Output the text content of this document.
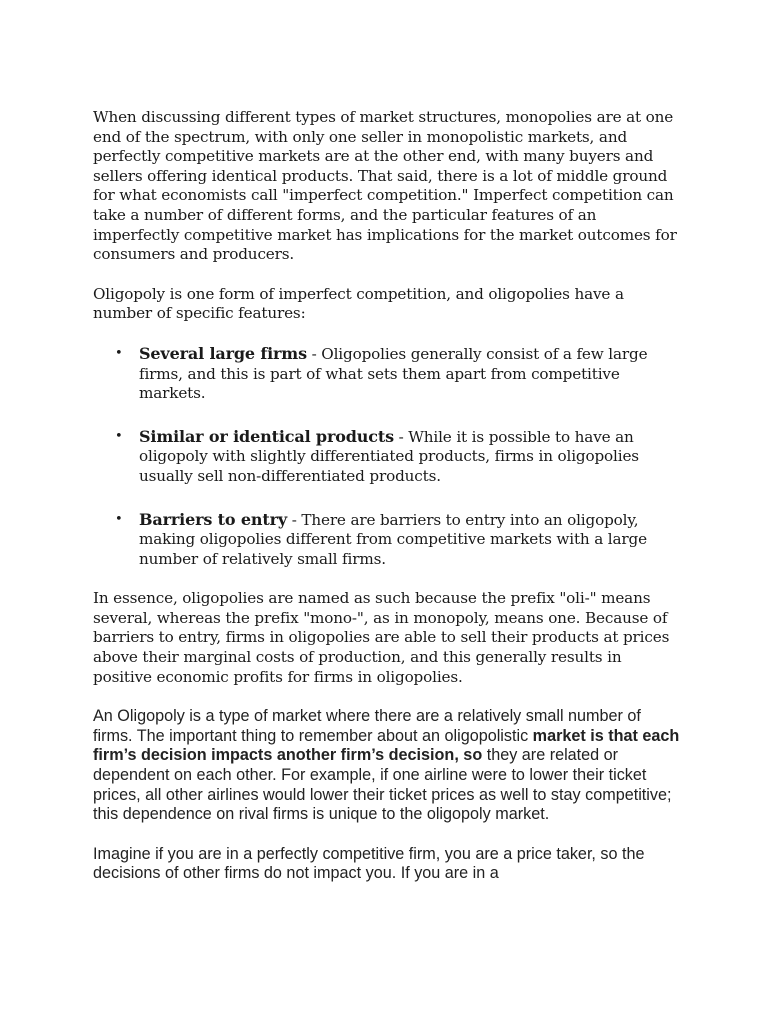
When discussing different types of market structures, monopolies are at one end of the spectrum, with only one seller in monopolistic markets, and perfectly competitive markets are at the other end, with many buyers and sellers offering identical products. That said, there is a lot of middle ground for what economists call "imperfect competition." Imperfect competition can take a number of different forms, and the particular features of an imperfectly competitive market has implications for the market outcomes for consumers and producers.

Oligopoly is one form of imperfect competition, and oligopolies have a number of specific features:

• Several large firms - Oligopolies generally consist of a few large firms, and this is part of what sets them apart from competitive markets.
• Similar or identical products - While it is possible to have an oligopoly with slightly differentiated products, firms in oligopolies usually sell non-differentiated products.
• Barriers to entry - There are barriers to entry into an oligopoly, making oligopolies different from competitive markets with a large number of relatively small firms.

In essence, oligopolies are named as such because the prefix "oli-" means several, whereas the prefix "mono-", as in monopoly, means one. Because of barriers to entry, firms in oligopolies are able to sell their products at prices above their marginal costs of production, and this generally results in positive economic profits for firms in oligopolies.

An Oligopoly is a type of market where there are a relatively small number of firms. The important thing to remember about an oligopolistic market is that each firm’s decision impacts another firm’s decision, so they are related or dependent on each other. For example, if one airline were to lower their ticket prices, all other airlines would lower their ticket prices as well to stay competitive; this dependence on rival firms is unique to the oligopoly market.

Imagine if you are in a perfectly competitive firm, you are a price taker, so the decisions of other firms do not impact you. If you are in a
